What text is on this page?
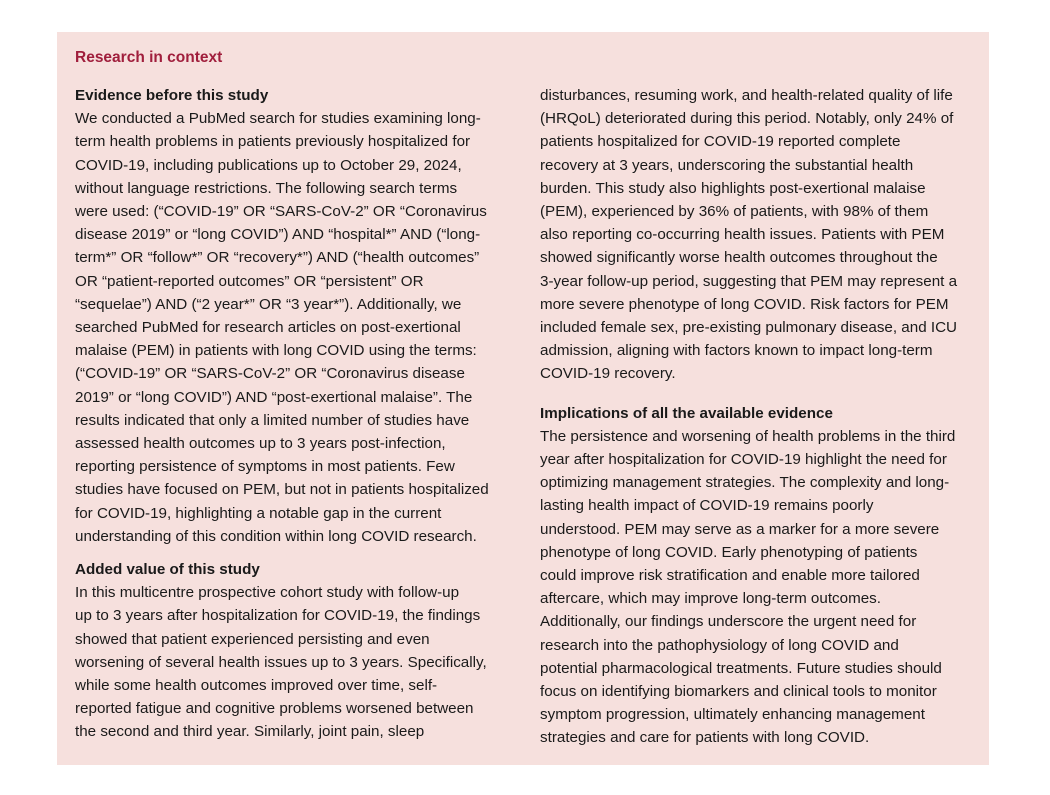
Research in context

Evidence before this study

We conducted a PubMed search for studies examining long-

term health problems in patients previously hospitalized for

COVID-19, including publications up to October 29, 2024,

without language restrictions. The following search terms

were used: (“COVID-19” OR “SARS-CoV-2” OR “Coronavirus

disease 2019” or “long COVID”) AND “hospital*” AND (“long-

term*” OR “follow*” OR “recovery*”) AND (“health outcomes”

OR “patient-reported outcomes” OR “persistent” OR

“sequelae”) AND (“2 year*” OR “3 year*”). Additionally, we

searched PubMed for research articles on post-exertional

malaise (PEM) in patients with long COVID using the terms:

(“COVID-19” OR “SARS-CoV-2” OR “Coronavirus disease

2019” or “long COVID”) AND “post-exertional malaise”. The

results indicated that only a limited number of studies have

assessed health outcomes up to 3 years post-infection,

reporting persistence of symptoms in most patients. Few

studies have focused on PEM, but not in patients hospitalized

for COVID-19, highlighting a notable gap in the current

understanding of this condition within long COVID research.

Added value of this study

In this multicentre prospective cohort study with follow-up

up to 3 years after hospitalization for COVID-19, the findings

showed that patient experienced persisting and even

worsening of several health issues up to 3 years. Specifically,

while some health outcomes improved over time, self-

reported fatigue and cognitive problems worsened between

the second and third year. Similarly, joint pain, sleep

disturbances, resuming work, and health-related quality of life

(HRQoL) deteriorated during this period. Notably, only 24% of

patients hospitalized for COVID-19 reported complete

recovery at 3 years, underscoring the substantial health

burden. This study also highlights post-exertional malaise

(PEM), experienced by 36% of patients, with 98% of them

also reporting co-occurring health issues. Patients with PEM

showed significantly worse health outcomes throughout the

3-year follow-up period, suggesting that PEM may represent a

more severe phenotype of long COVID. Risk factors for PEM

included female sex, pre-existing pulmonary disease, and ICU

admission, aligning with factors known to impact long-term

COVID-19 recovery.

Implications of all the available evidence

The persistence and worsening of health problems in the third

year after hospitalization for COVID-19 highlight the need for

optimizing management strategies. The complexity and long-

lasting health impact of COVID-19 remains poorly

understood. PEM may serve as a marker for a more severe

phenotype of long COVID. Early phenotyping of patients

could improve risk stratification and enable more tailored

aftercare, which may improve long-term outcomes.

Additionally, our findings underscore the urgent need for

research into the pathophysiology of long COVID and

potential pharmacological treatments. Future studies should

focus on identifying biomarkers and clinical tools to monitor

symptom progression, ultimately enhancing management

strategies and care for patients with long COVID.
